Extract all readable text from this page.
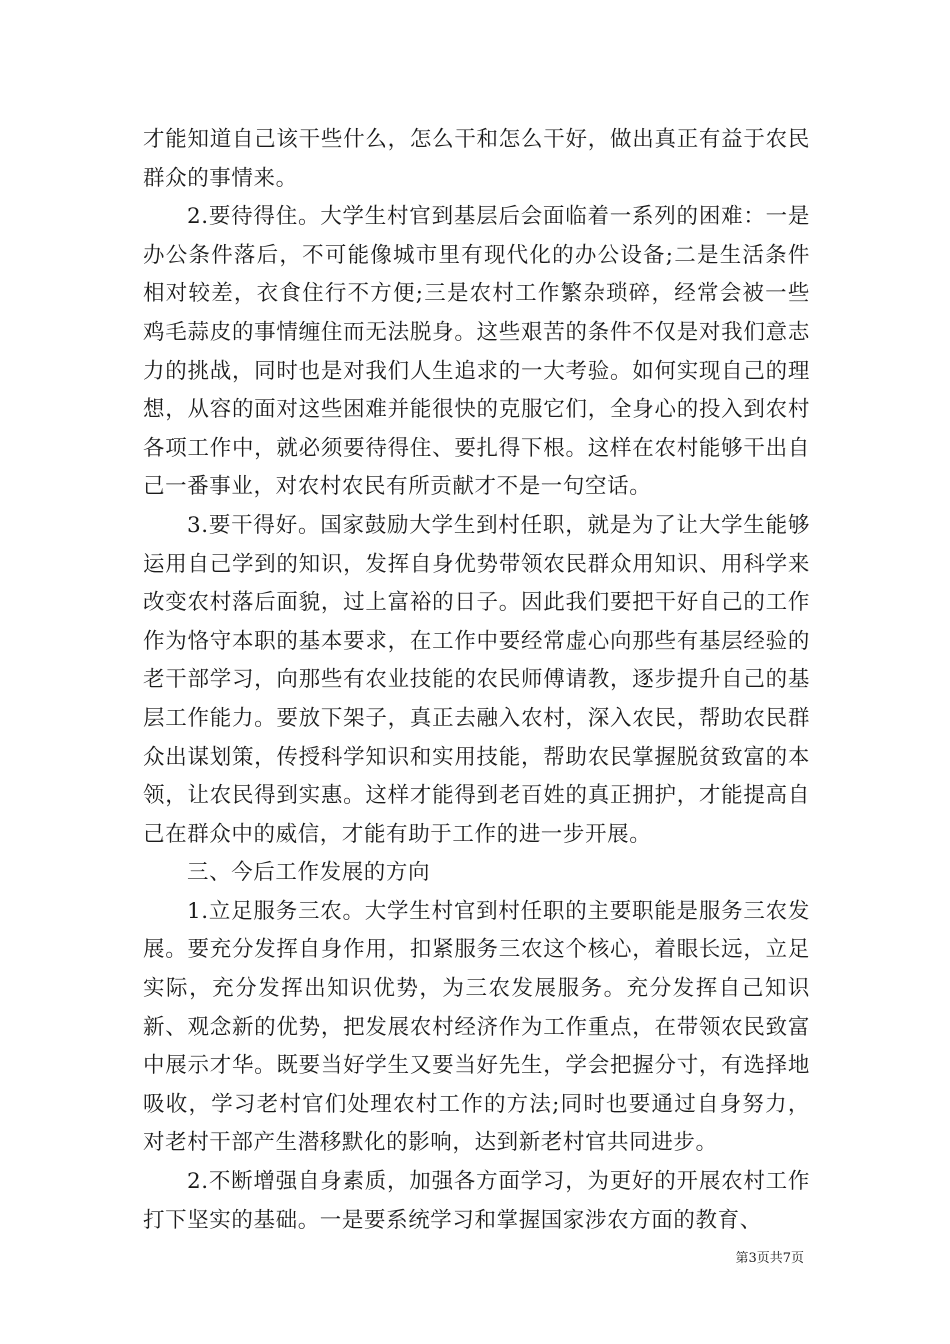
才能知道自己该干些什么，怎么干和怎么干好，做出真正有益于农民群众的事情来。

2.要待得住。大学生村官到基层后会面临着一系列的困难：一是办公条件落后，不可能像城市里有现代化的办公设备;二是生活条件相对较差，衣食住行不方便;三是农村工作繁杂琐碎，经常会被一些鸡毛蒜皮的事情缠住而无法脱身。这些艰苦的条件不仅是对我们意志力的挑战，同时也是对我们人生追求的一大考验。如何实现自己的理想，从容的面对这些困难并能很快的克服它们，全身心的投入到农村各项工作中，就必须要待得住、要扎得下根。这样在农村能够干出自己一番事业，对农村农民有所贡献才不是一句空话。

3.要干得好。国家鼓励大学生到村任职，就是为了让大学生能够运用自己学到的知识，发挥自身优势带领农民群众用知识、用科学来改变农村落后面貌，过上富裕的日子。因此我们要把干好自己的工作作为恪守本职的基本要求，在工作中要经常虚心向那些有基层经验的老干部学习，向那些有农业技能的农民师傅请教，逐步提升自己的基层工作能力。要放下架子，真正去融入农村，深入农民，帮助农民群众出谋划策，传授科学知识和实用技能，帮助农民掌握脱贫致富的本领，让农民得到实惠。这样才能得到老百姓的真正拥护，才能提高自己在群众中的威信，才能有助于工作的进一步开展。

三、今后工作发展的方向

1.立足服务三农。大学生村官到村任职的主要职能是服务三农发展。要充分发挥自身作用，扣紧服务三农这个核心，着眼长远，立足实际，充分发挥出知识优势，为三农发展服务。充分发挥自己知识新、观念新的优势，把发展农村经济作为工作重点，在带领农民致富中展示才华。既要当好学生又要当好先生，学会把握分寸，有选择地吸收，学习老村官们处理农村工作的方法;同时也要通过自身努力，对老村干部产生潜移默化的影响，达到新老村官共同进步。

2.不断增强自身素质，加强各方面学习，为更好的开展农村工作打下坚实的基础。一是要系统学习和掌握国家涉农方面的教育、

第3页共7页
